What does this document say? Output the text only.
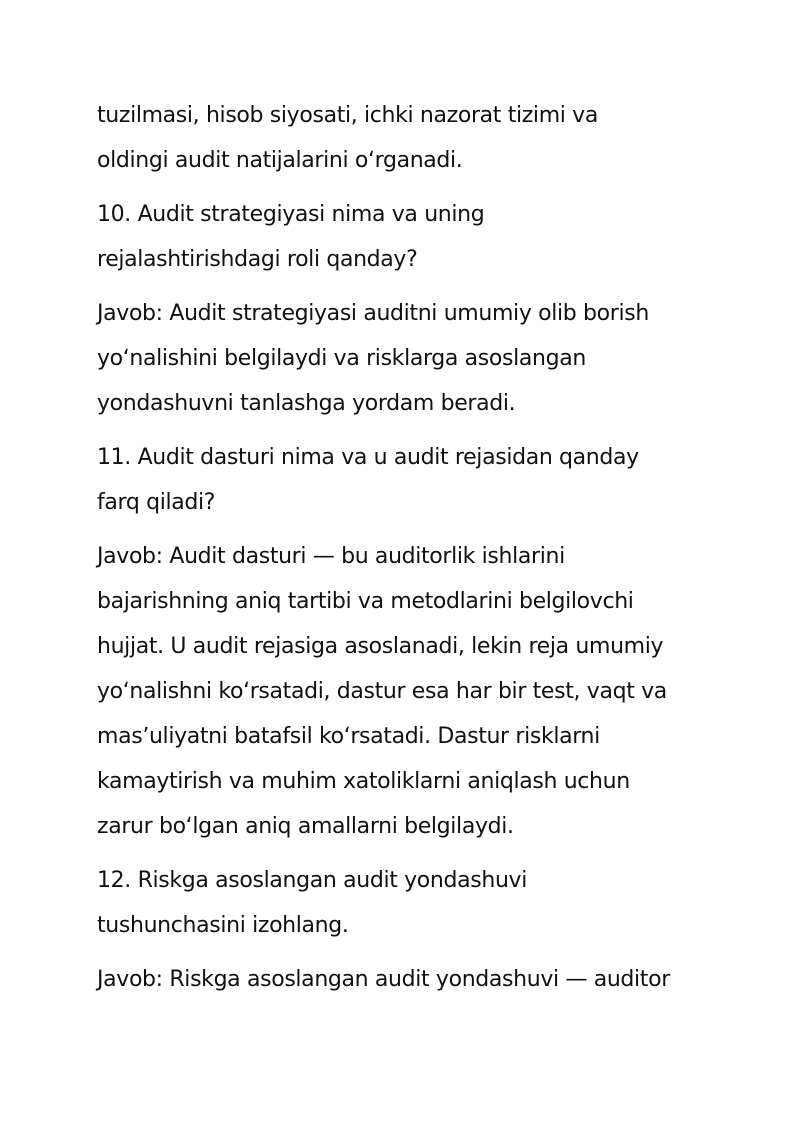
tuzilmasi, hisob siyosati, ichki nazorat tizimi va
oldingi audit natijalarini oʻrganadi.

10. Audit strategiyasi nima va uning
rejalashtirishdagi roli qanday?

Javob: Audit strategiyasi auditni umumiy olib borish
yoʻnalishini belgilaydi va risklarga asoslangan
yondashuvni tanlashga yordam beradi.

11. Audit dasturi nima va u audit rejasidan qanday
farq qiladi?

Javob: Audit dasturi — bu auditorlik ishlarini
bajarishning aniq tartibi va metodlarini belgilovchi
hujjat. U audit rejasiga asoslanadi, lekin reja umumiy
yoʻnalishni koʻrsatadi, dastur esa har bir test, vaqt va
masʼuliyatni batafsil koʻrsatadi. Dastur risklarni
kamaytirish va muhim xatoliklarni aniqlash uchun
zarur boʻlgan aniq amallarni belgilaydi.

12. Riskga asoslangan audit yondashuvi
tushunchasini izohlang.

Javob: Riskga asoslangan audit yondashuvi — auditor
